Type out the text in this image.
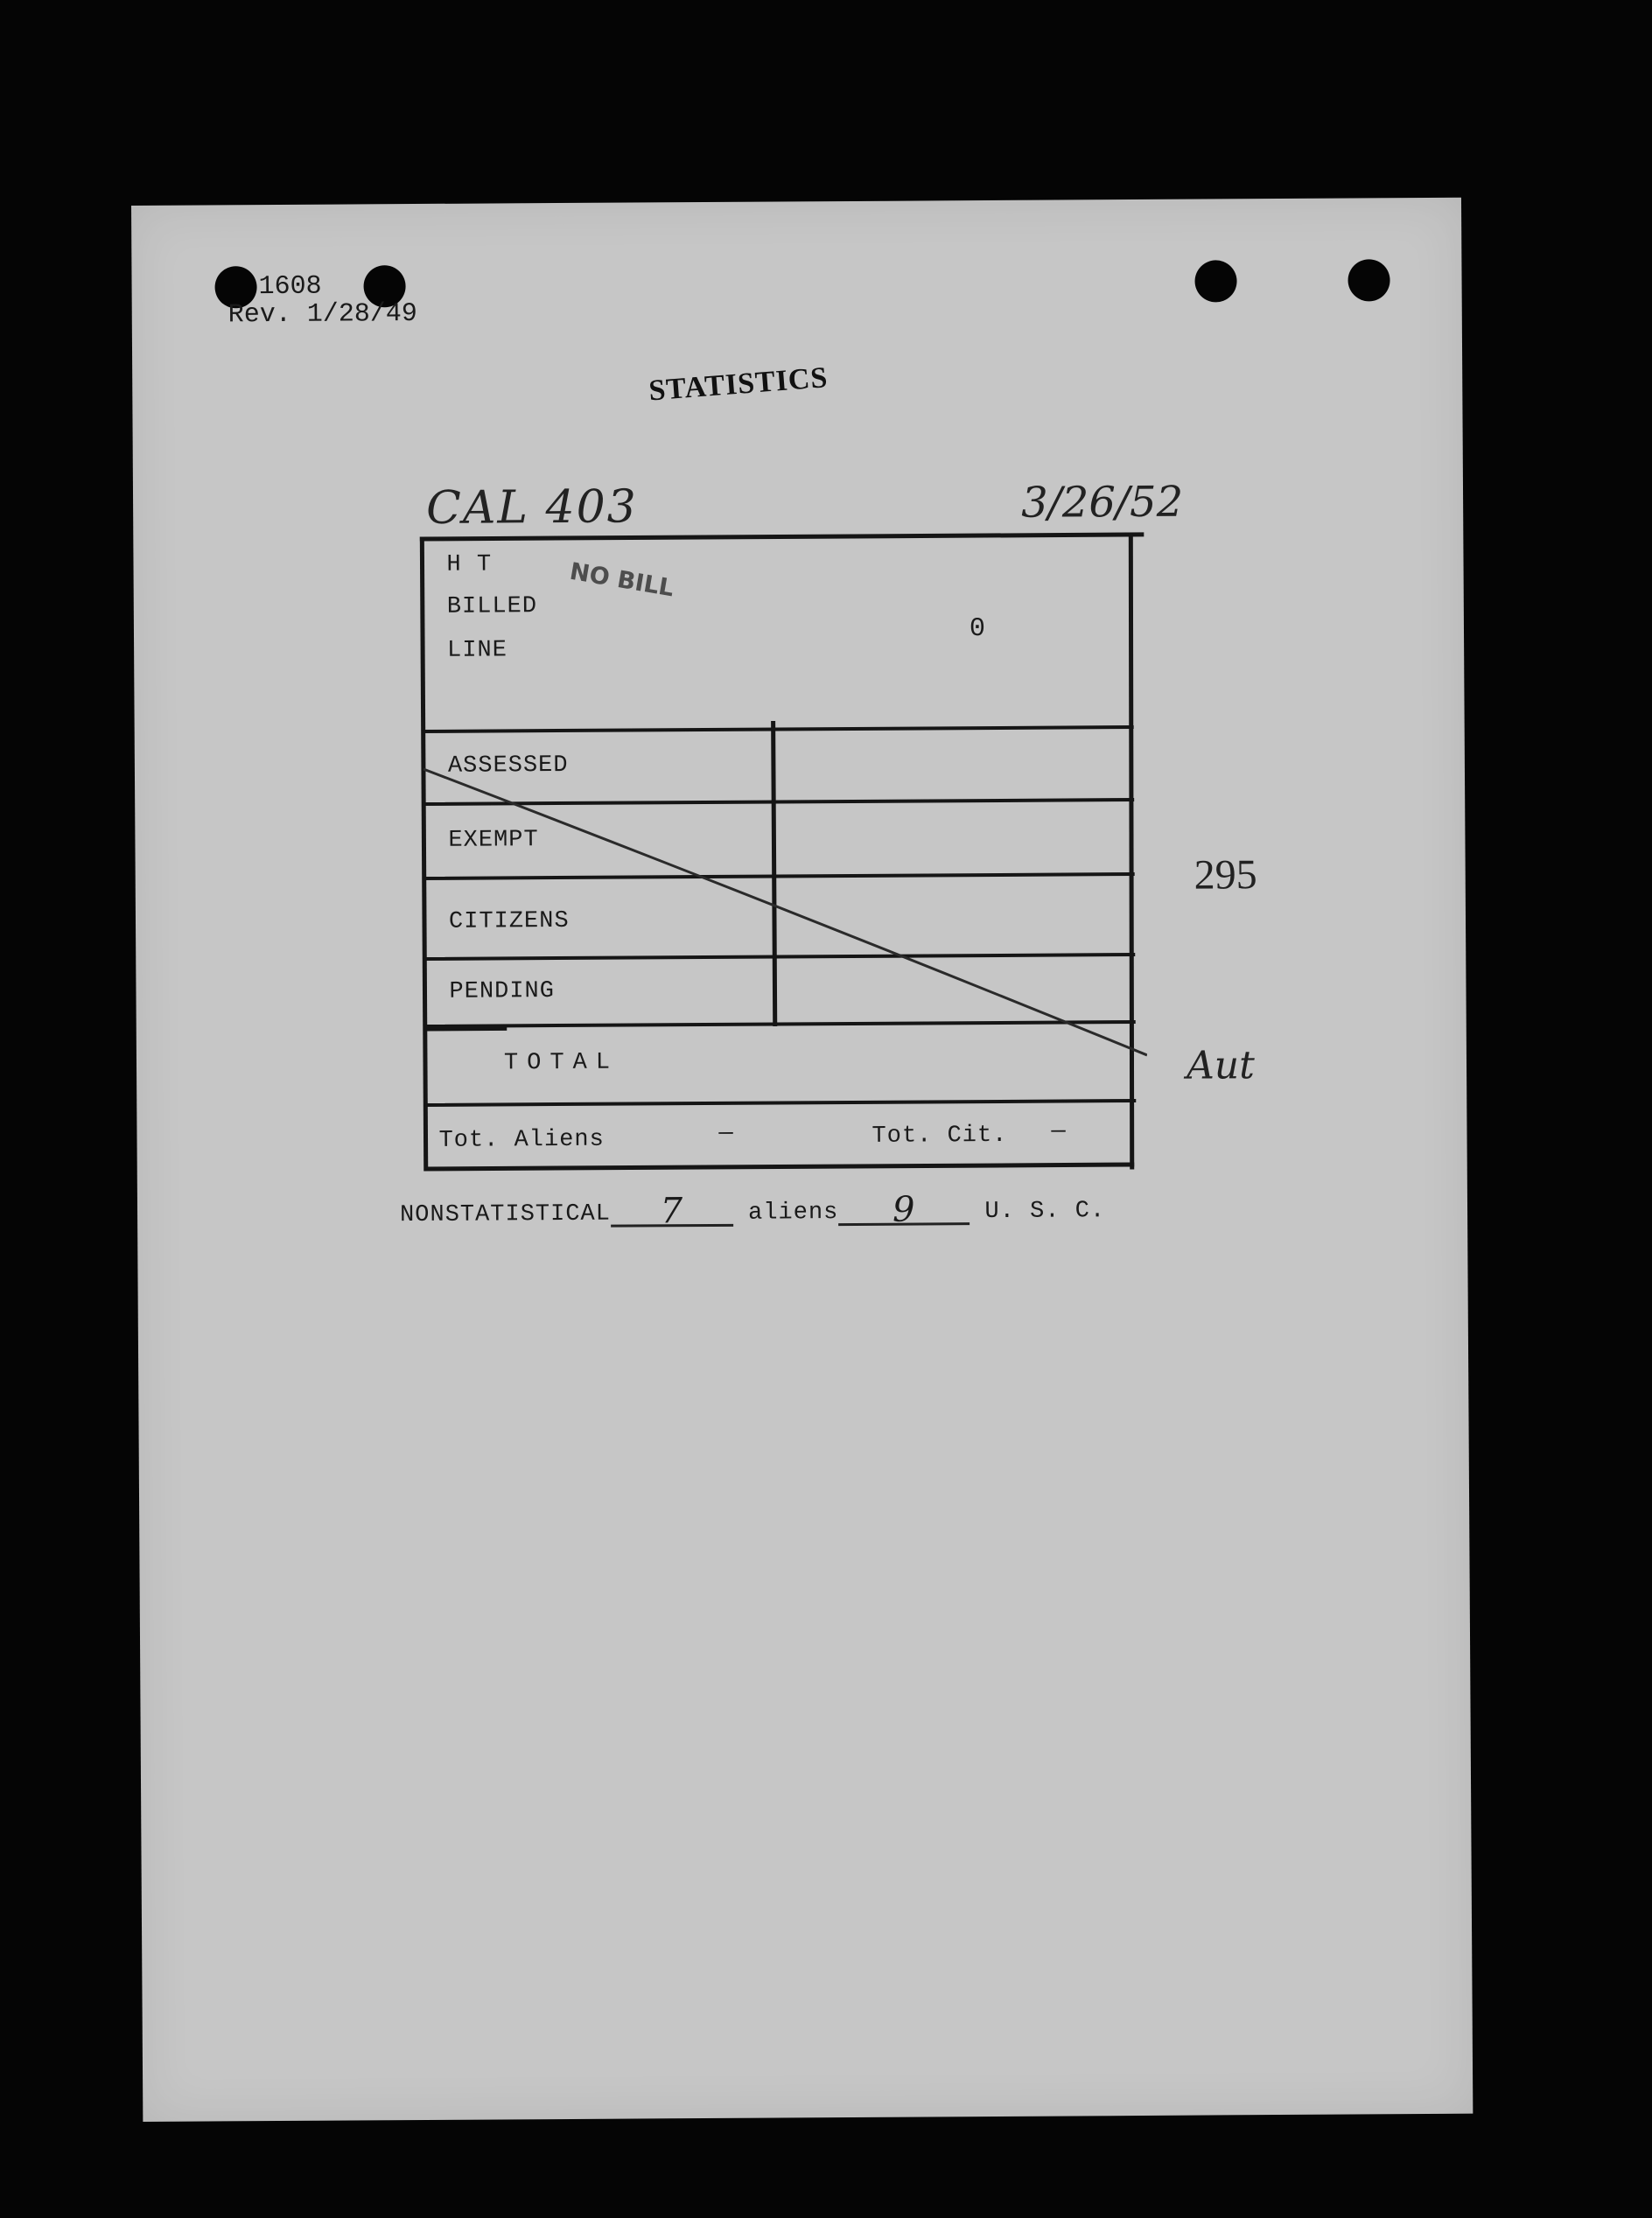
1608
Rev. 1/28/49
STATISTICS
CAL 403	3/26/52
H T
BILLED
LINE
NO BILL
0
ASSESSED
EXEMPT
CITIZENS
PENDING
TOTAL
Tot. Aliens	—	Tot. Cit. —
295
Aut
NONSTATISTICAL 7	aliens 9	U. S. C.
